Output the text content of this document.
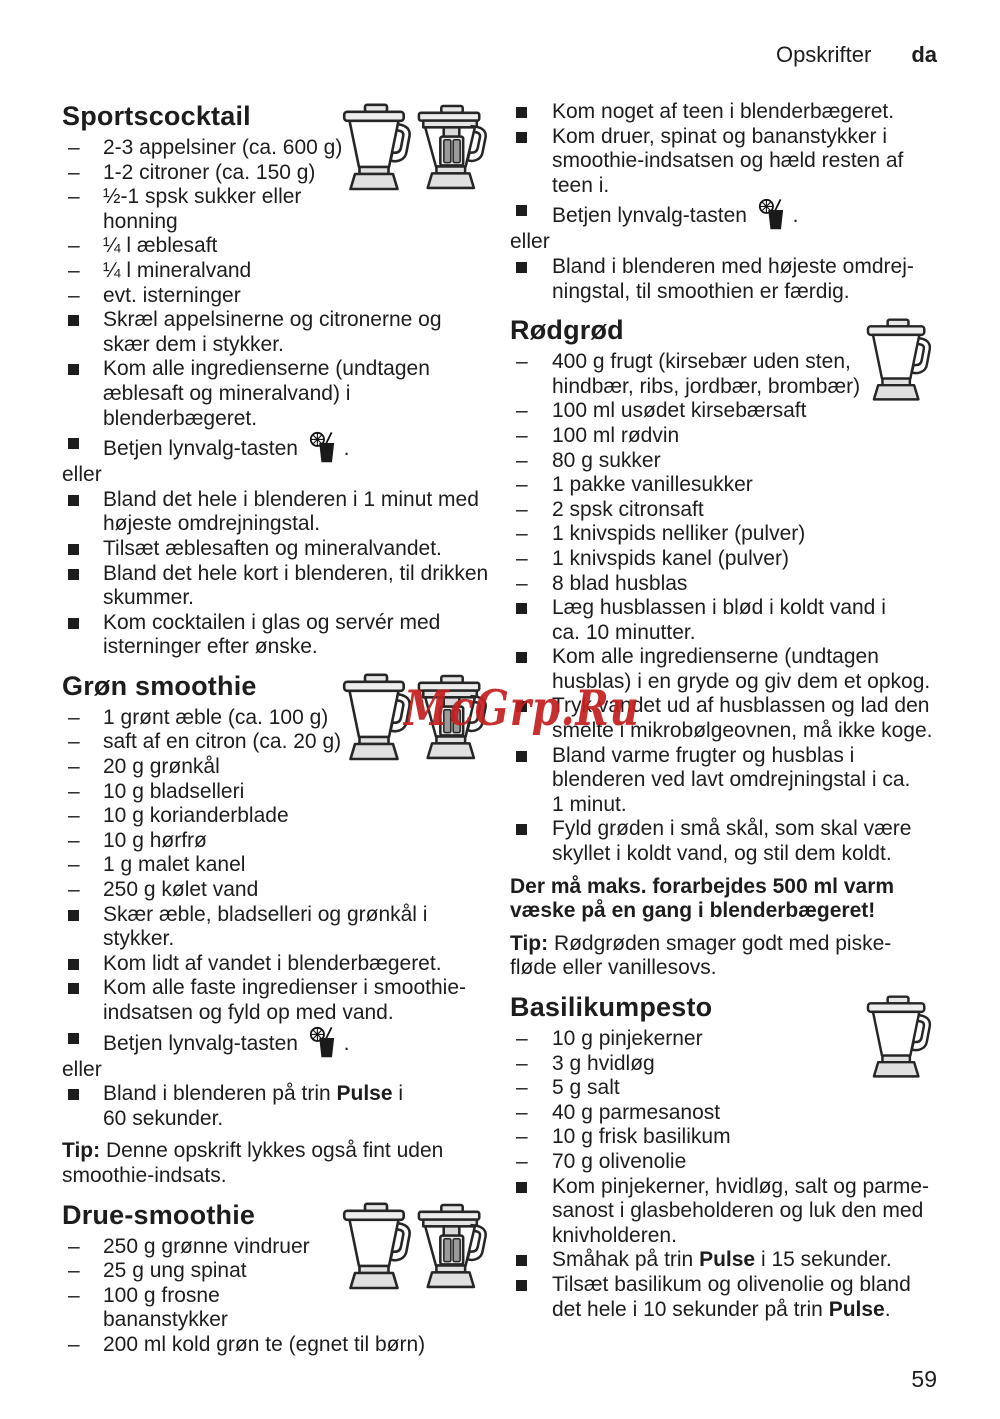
Opskrifter da
Sportscocktail
–
2-3 appelsiner (ca. 600 g)
–
1-2 citroner (ca. 150 g)
–
½-1 spsk sukker eller
honning
–
¼ l æblesaft
–
¼ l mineralvand
–
evt. isterninger
Skræl appelsinerne og citronerne og
skær dem i stykker.
Kom alle ingredienserne (undtagen
æblesaft og mineralvand) i
blenderbægeret.
Betjen lynvalg-tasten  .
eller
Bland det hele i blenderen i 1 minut med
højeste omdrejningstal.
Tilsæt æblesaften og mineralvandet.
Bland det hele kort i blenderen, til drikken
skummer.
Kom cocktailen i glas og servér med
isterninger efter ønske.
Grøn smoothie
–
1 grønt æble (ca. 100 g)
–
saft af en citron (ca. 20 g)
–
20 g grønkål
–
10 g bladselleri
–
10 g korianderblade
–
10 g hørfrø
–
1 g malet kanel
–
250 g kølet vand
Skær æble, bladselleri og grønkål i
stykker.
Kom lidt af vandet i blenderbægeret.
Kom alle faste ingredienser i smoothie-
indsatsen og fyld op med vand.
Betjen lynvalg-tasten  .
eller
Bland i blenderen på trin Pulse i
60 sekunder.

Tip: Denne opskrift lykkes også fint uden
smoothie-indsats.

Drue-smoothie
–
250 g grønne vindruer
–
25 g ung spinat
–
100 g frosne
bananstykker
–
200 ml kold grøn te (egnet til børn)
Kom noget af teen i blenderbægeret.
Kom druer, spinat og bananstykker i
smoothie-indsatsen og hæld resten af
teen i.
Betjen lynvalg-tasten  .
eller
Bland i blenderen med højeste omdrej-
ningstal, til smoothien er færdig.
Rødgrød
–
400 g frugt (kirsebær uden sten,
hindbær, ribs, jordbær, brombær)
–
100 ml usødet kirsebærsaft
–
100 ml rødvin
–
80 g sukker
–
1 pakke vanillesukker
–
2 spsk citronsaft
–
1 knivspids nelliker (pulver)
–
1 knivspids kanel (pulver)
–
8 blad husblas
Læg husblassen i blød i koldt vand i
ca. 10 minutter.
Kom alle ingredienserne (undtagen
husblas) i en gryde og giv dem et opkog.
Tryk vandet ud af husblassen og lad den
smelte i mikrobølgeovnen, må ikke koge.
Bland varme frugter og husblas i
blenderen ved lavt omdrejningstal i ca.
1 minut.
Fyld grøden i små skål, som skal være
skyllet i koldt vand, og stil dem koldt.

Der må maks. forarbejdes 500 ml varm
væske på en gang i blenderbægeret!

Tip: Rødgrøden smager godt med piske-
fløde eller vanillesovs.

Basilikumpesto
–
10 g pinjekerner
–
3 g hvidløg
–
5 g salt
–
40 g parmesanost
–
10 g frisk basilikum
–
70 g olivenolie
Kom pinjekerner, hvidløg, salt og parme-
sanost i glasbeholderen og luk den med
knivholderen.
Småhak på trin Pulse i 15 sekunder.
Tilsæt basilikum og olivenolie og bland
det hele i 10 sekunder på trin Pulse.
McGrp.Ru
59
